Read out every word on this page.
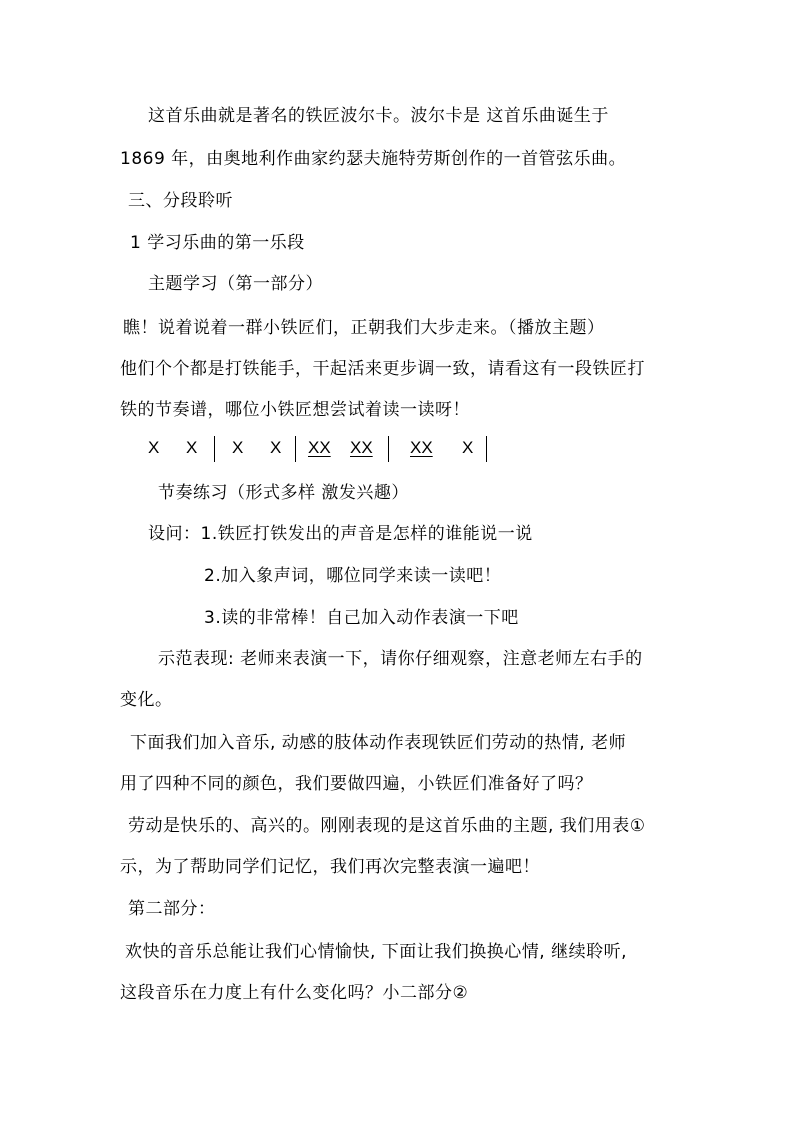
这首乐曲就是著名的铁匠波尔卡。波尔卡是 这首乐曲诞生于
1869 年，由奥地利作曲家约瑟夫施特劳斯创作的一首管弦乐曲。
三、分段聆听
1 学习乐曲的第一乐段
主题学习（第一部分）
瞧！说着说着一群小铁匠们，正朝我们大步走来。（播放主题）
他们个个都是打铁能手，干起活来更步调一致，请看这有一段铁匠打
铁的节奏谱，哪位小铁匠想尝试着读一读呀！
X X X X XX XX XX X
节奏练习（形式多样 激发兴趣）
设问：1.铁匠打铁发出的声音是怎样的谁能说一说
2.加入象声词，哪位同学来读一读吧！
3.读的非常棒！自己加入动作表演一下吧
示范表现: 老师来表演一下，请你仔细观察，注意老师左右手的
变化。
下面我们加入音乐, 动感的肢体动作表现铁匠们劳动的热情, 老师
用了四种不同的颜色，我们要做四遍，小铁匠们准备好了吗？
劳动是快乐的、高兴的。刚刚表现的是这首乐曲的主题, 我们用表①
示，为了帮助同学们记忆，我们再次完整表演一遍吧！
第二部分：
欢快的音乐总能让我们心情愉快, 下面让我们换换心情, 继续聆听,
这段音乐在力度上有什么变化吗？小二部分②
